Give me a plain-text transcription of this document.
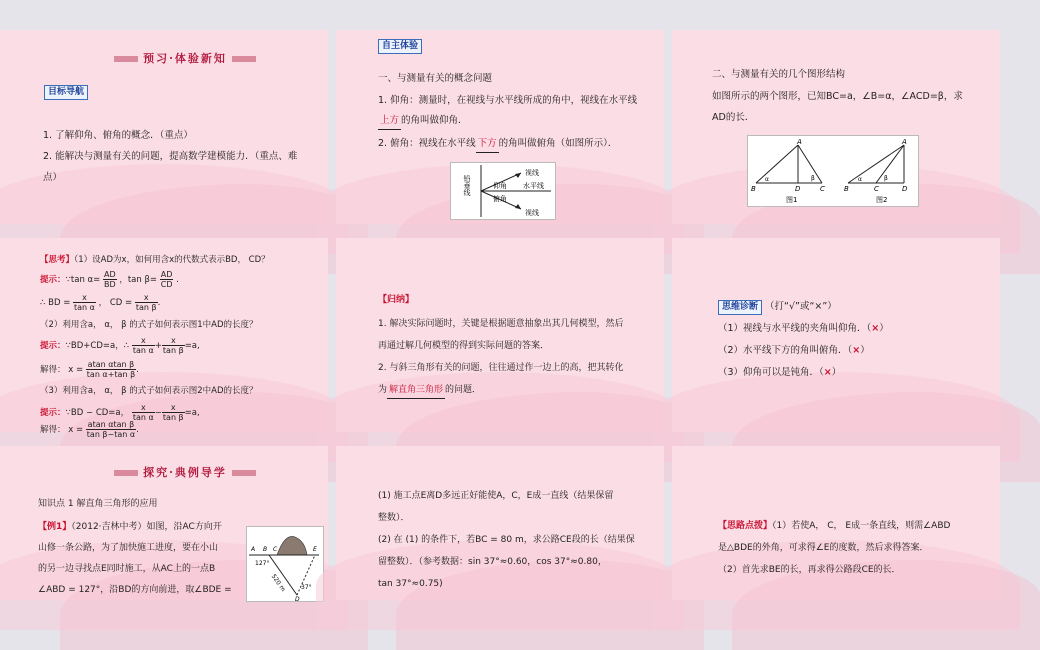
预习·体验新知
目标导航
1. 了解仰角、俯角的概念．（重点）
2. 能解决与测量有关的问题，提高数学建模能力．（重点、难
点）
自主体验
一、与测量有关的概念问题
1. 仰角：测量时，在视线与水平线所成的角中，视线在水平线
上方 的角叫做仰角．
2. 俯角：视线在水平线 下方 的角叫做俯角（如图所示）．
铅垂线
视线
仰角 水平线
俯角
视线
二、与测量有关的几个图形结构
如图所示的两个图形，已知BC=a，∠B=α，∠ACD=β，求
AD的长．
A
B	D	C
α	β
图1
A
B	C	D
α	β
图2
【思考】（1）设AD为x，如何用含x的代数式表示BD， CD？
提示：∵tan $\alpha= \frac{AD}{BD}$ ，$\tan \beta= \frac{AD}{CD}$ .
∴ BD = $\frac{x}{\text{tan α}}$ ， CD = $\frac{x}{\text{tan β}}$ .
（2）利用含a， α， β 的式子如何表示图1中AD的长度？
提示：∵BD+CD=a，∴ $\frac{x}{\text{tan α}} + \frac{x}{\text{tan β}} =a$,
解得： $x = \frac{\text{atan αtan β}}{\text{tan α+tan β}}$ .
（3）利用含a， α， β 的式子如何表示图2中AD的长度？
提示：∵BD − CD=a， $\frac{x}{\text{tan α}} - \frac{x}{\text{tan β}} =a$,
解得： $x = \frac{\text{atan αtan β}}{\text{tan β−tan α}}$ .
【归纳】
1. 解决实际问题时，关键是根据题意抽象出其几何模型，然后
再通过解几何模型的得到实际问题的答案．
2. 与斜三角形有关的问题，往往通过作一边上的高，把其转化
为 解直角三角形 的问题．
思维诊断 （打“√”或“×”）
（1）视线与水平线的夹角叫仰角．（×）
（2）水平线下方的角叫俯角．（×）
（3）仰角可以是钝角．（×）
探究·典例导学
知识点 1 解直角三角形的应用
【例1】（2012·吉林中考）如图，沿AC方向开
山修一条公路，为了加快施工进度，要在小山
的另一边寻找点E同时施工，从AC上的一点B
∠ABD = 127°，沿BD的方向前进，取∠BDE =
A B C	E
D
127°
37°
520 m
(1) 施工点E离D多远正好能使A，C，E成一直线（结果保留
整数）．
(2) 在 (1) 的条件下，若BC = 80 m，求公路CE段的长（结果保
留整数）．（参考数据：sin 37°≈0.60，cos 37°≈0.80，
tan 37°≈0.75)
【思路点拨】（1）若使A， C， E成一条直线，则需∠ABD
是△BDE的外角，可求得∠E的度数，然后求得答案．
（2）首先求BE的长，再求得公路段CE的长．
